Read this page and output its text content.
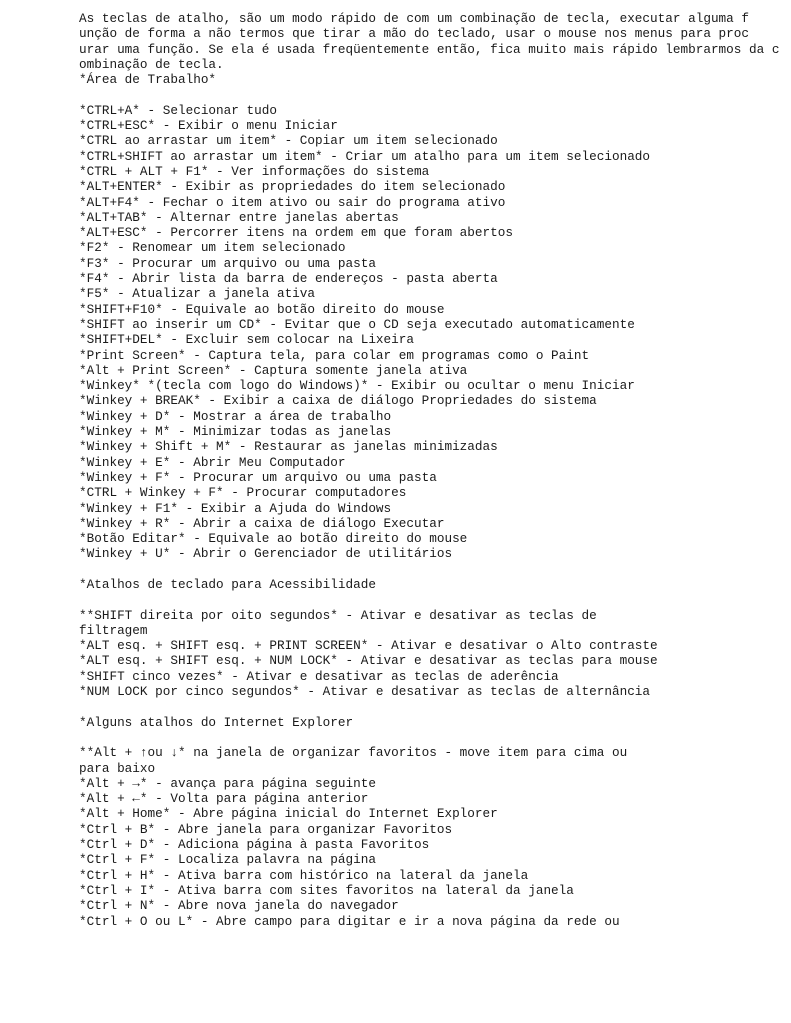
As teclas de atalho, são um modo rápido de com um combinação de tecla, executar alguma f
unção de forma a não termos que tirar a mão do teclado, usar o mouse nos menus para proc
urar uma função. Se ela é usada freqüentemente então, fica muito mais rápido lembrarmos da c
ombinação de tecla.
*Área de Trabalho*
*CTRL+A* - Selecionar tudo
*CTRL+ESC* - Exibir o menu Iniciar
*CTRL ao arrastar um item* - Copiar um item selecionado
*CTRL+SHIFT ao arrastar um item* - Criar um atalho para um item selecionado
*CTRL + ALT + F1* - Ver informações do sistema
*ALT+ENTER* - Exibir as propriedades do item selecionado
*ALT+F4* - Fechar o item ativo ou sair do programa ativo
*ALT+TAB* - Alternar entre janelas abertas
*ALT+ESC* - Percorrer itens na ordem em que foram abertos
*F2* - Renomear um item selecionado
*F3* - Procurar um arquivo ou uma pasta
*F4* - Abrir lista da barra de endereços - pasta aberta
*F5* - Atualizar a janela ativa
*SHIFT+F10* - Equivale ao botão direito do mouse
*SHIFT ao inserir um CD* - Evitar que o CD seja executado automaticamente
*SHIFT+DEL* - Excluir sem colocar na Lixeira
*Print Screen* - Captura tela, para colar em programas como o Paint
*Alt + Print Screen* - Captura somente janela ativa
*Winkey* *(tecla com logo do Windows)* - Exibir ou ocultar o menu Iniciar
*Winkey + BREAK* - Exibir a caixa de diálogo Propriedades do sistema
*Winkey + D* - Mostrar a área de trabalho
*Winkey + M* - Minimizar todas as janelas
*Winkey + Shift + M* - Restaurar as janelas minimizadas
*Winkey + E* - Abrir Meu Computador
*Winkey + F* - Procurar um arquivo ou uma pasta
*CTRL + Winkey + F* - Procurar computadores
*Winkey + F1* - Exibir a Ajuda do Windows
*Winkey + R* - Abrir a caixa de diálogo Executar
*Botão Editar* - Equivale ao botão direito do mouse
*Winkey + U* - Abrir o Gerenciador de utilitários
*Atalhos de teclado para Acessibilidade
**SHIFT direita por oito segundos* - Ativar e desativar as teclas de
filtragem
*ALT esq. + SHIFT esq. + PRINT SCREEN* - Ativar e desativar o Alto contraste
*ALT esq. + SHIFT esq. + NUM LOCK* - Ativar e desativar as teclas para mouse
*SHIFT cinco vezes* - Ativar e desativar as teclas de aderência
*NUM LOCK por cinco segundos* - Ativar e desativar as teclas de alternância
*Alguns atalhos do Internet Explorer
**Alt + ↑ou ↓* na janela de organizar favoritos - move item para cima ou
para baixo
*Alt + →* - avança para página seguinte
*Alt + ←* - Volta para página anterior
*Alt + Home* - Abre página inicial do Internet Explorer
*Ctrl + B* - Abre janela para organizar Favoritos
*Ctrl + D* - Adiciona página à pasta Favoritos
*Ctrl + F* - Localiza palavra na página
*Ctrl + H* - Ativa barra com histórico na lateral da janela
*Ctrl + I* - Ativa barra com sites favoritos na lateral da janela
*Ctrl + N* - Abre nova janela do navegador
*Ctrl + O ou L* - Abre campo para digitar e ir a nova página da rede ou
